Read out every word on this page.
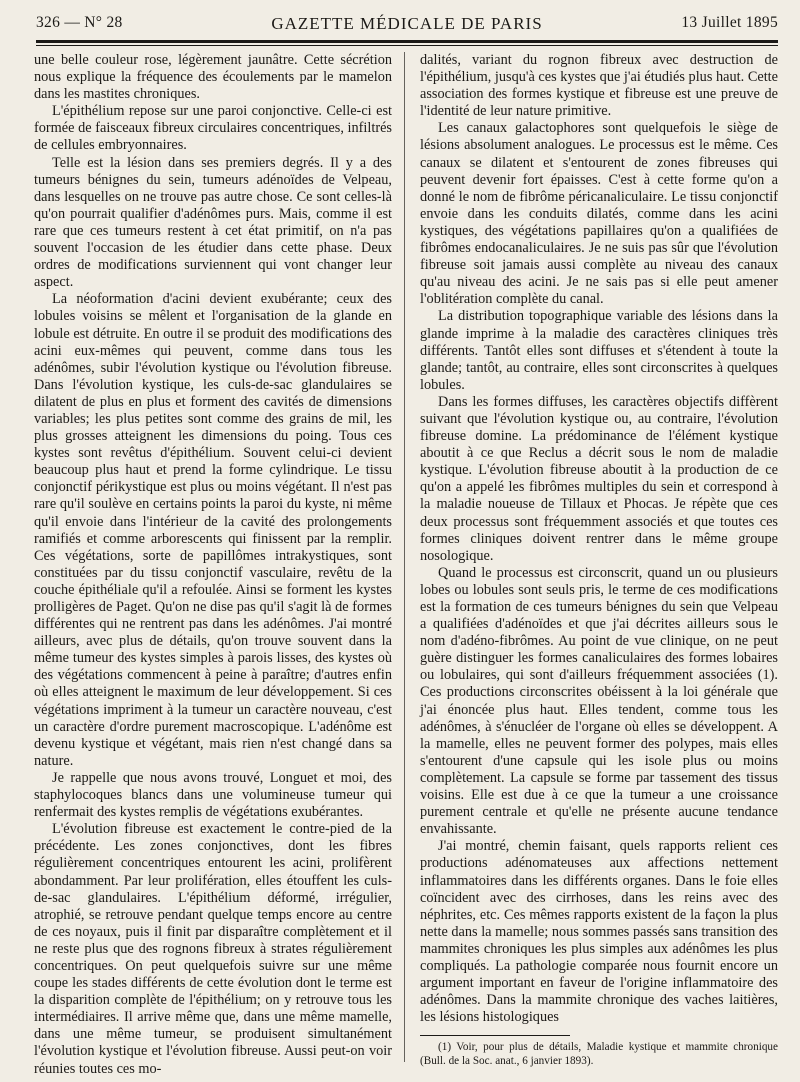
326 — N° 28	GAZETTE MÉDICALE DE PARIS	13 Juillet 1895

une belle couleur rose, légèrement jaunâtre. Cette sécrétion nous explique la fréquence des écoulements par le mamelon dans les mastites chroniques.

L'épithélium repose sur une paroi conjonctive. Celle-ci est formée de faisceaux fibreux circulaires concentriques, infiltrés de cellules embryonnaires.

Telle est la lésion dans ses premiers degrés. Il y a des tumeurs bénignes du sein, tumeurs adénoïdes de Velpeau, dans lesquelles on ne trouve pas autre chose. Ce sont celles-là qu'on pourrait qualifier d'adénômes purs. Mais, comme il est rare que ces tumeurs restent à cet état primitif, on n'a pas souvent l'occasion de les étudier dans cette phase. Deux ordres de modifications surviennent qui vont changer leur aspect.

La néoformation d'acini devient exubérante; ceux des lobules voisins se mêlent et l'organisation de la glande en lobule est détruite. En outre il se produit des modifications des acini eux-mêmes qui peuvent, comme dans tous les adénômes, subir l'évolution kystique ou l'évolution fibreuse. Dans l'évolution kystique, les culs-de-sac glandulaires se dilatent de plus en plus et forment des cavités de dimensions variables; les plus petites sont comme des grains de mil, les plus grosses atteignent les dimensions du poing. Tous ces kystes sont revêtus d'épithélium. Souvent celui-ci devient beaucoup plus haut et prend la forme cylindrique. Le tissu conjonctif périkystique est plus ou moins végétant. Il n'est pas rare qu'il soulève en certains points la paroi du kyste, ni même qu'il envoie dans l'intérieur de la cavité des prolongements ramifiés et comme arborescents qui finissent par la remplir. Ces végétations, sorte de papillômes intrakystiques, sont constituées par du tissu conjonctif vasculaire, revêtu de la couche épithéliale qu'il a refoulée. Ainsi se forment les kystes prolligères de Paget. Qu'on ne dise pas qu'il s'agit là de formes différentes qui ne rentrent pas dans les adénômes. J'ai montré ailleurs, avec plus de détails, qu'on trouve souvent dans la même tumeur des kystes simples à parois lisses, des kystes où des végétations commencent à peine à paraître; d'autres enfin où elles atteignent le maximum de leur développement. Si ces végétations impriment à la tumeur un caractère nouveau, c'est un caractère d'ordre purement macroscopique. L'adénôme est devenu kystique et végétant, mais rien n'est changé dans sa nature.

Je rappelle que nous avons trouvé, Longuet et moi, des staphylocoques blancs dans une volumineuse tumeur qui renfermait des kystes remplis de végétations exubérantes.

L'évolution fibreuse est exactement le contre-pied de la précédente. Les zones conjonctives, dont les fibres régulièrement concentriques entourent les acini, prolifèrent abondamment. Par leur prolifération, elles étouffent les culs-de-sac glandulaires. L'épithélium déformé, irrégulier, atrophié, se retrouve pendant quelque temps encore au centre de ces noyaux, puis il finit par disparaître complètement et il ne reste plus que des rognons fibreux à strates régulièrement concentriques. On peut quelquefois suivre sur une même coupe les stades différents de cette évolution dont le terme est la disparition complète de l'épithélium; on y retrouve tous les intermédiaires. Il arrive même que, dans une même mamelle, dans une même tumeur, se produisent simultanément l'évolution kystique et l'évolution fibreuse. Aussi peut-on voir réunies toutes ces mo-

dalités, variant du rognon fibreux avec destruction de l'épithélium, jusqu'à ces kystes que j'ai étudiés plus haut. Cette association des formes kystique et fibreuse est une preuve de l'identité de leur nature primitive.

Les canaux galactophores sont quelquefois le siège de lésions absolument analogues. Le processus est le même. Ces canaux se dilatent et s'entourent de zones fibreuses qui peuvent devenir fort épaisses. C'est à cette forme qu'on a donné le nom de fibrôme péricanaliculaire. Le tissu conjonctif envoie dans les conduits dilatés, comme dans les acini kystiques, des végétations papillaires qu'on a qualifiées de fibrômes endocanaliculaires. Je ne suis pas sûr que l'évolution fibreuse soit jamais aussi complète au niveau des canaux qu'au niveau des acini. Je ne sais pas si elle peut amener l'oblitération complète du canal.

La distribution topographique variable des lésions dans la glande imprime à la maladie des caractères cliniques très différents. Tantôt elles sont diffuses et s'étendent à toute la glande; tantôt, au contraire, elles sont circonscrites à quelques lobules.

Dans les formes diffuses, les caractères objectifs diffèrent suivant que l'évolution kystique ou, au contraire, l'évolution fibreuse domine. La prédominance de l'élément kystique aboutit à ce que Reclus a décrit sous le nom de maladie kystique. L'évolution fibreuse aboutit à la production de ce qu'on a appelé les fibrômes multiples du sein et correspond à la maladie noueuse de Tillaux et Phocas. Je répète que ces deux processus sont fréquemment associés et que toutes ces formes cliniques doivent rentrer dans le même groupe nosologique.

Quand le processus est circonscrit, quand un ou plusieurs lobes ou lobules sont seuls pris, le terme de ces modifications est la formation de ces tumeurs bénignes du sein que Velpeau a qualifiées d'adénoïdes et que j'ai décrites ailleurs sous le nom d'adéno-fibrômes. Au point de vue clinique, on ne peut guère distinguer les formes canaliculaires des formes lobaires ou lobulaires, qui sont d'ailleurs fréquemment associées (1). Ces productions circonscrites obéissent à la loi générale que j'ai énoncée plus haut. Elles tendent, comme tous les adénômes, à s'énucléer de l'organe où elles se développent. A la mamelle, elles ne peuvent former des polypes, mais elles s'entourent d'une capsule qui les isole plus ou moins complètement. La capsule se forme par tassement des tissus voisins. Elle est due à ce que la tumeur a une croissance purement centrale et qu'elle ne présente aucune tendance envahissante.

J'ai montré, chemin faisant, quels rapports relient ces productions adénomateuses aux affections nettement inflammatoires dans les différents organes. Dans le foie elles coïncident avec des cirrhoses, dans les reins avec des néphrites, etc. Ces mêmes rapports existent de la façon la plus nette dans la mamelle; nous sommes passés sans transition des mammites chroniques les plus simples aux adénômes les plus compliqués. La pathologie comparée nous fournit encore un argument important en faveur de l'origine inflammatoire des adénômes. Dans la mammite chronique des vaches laitières, les lésions histologiques

(1) Voir, pour plus de détails, Maladie kystique et mammite chronique (Bull. de la Soc. anat., 6 janvier 1893).
